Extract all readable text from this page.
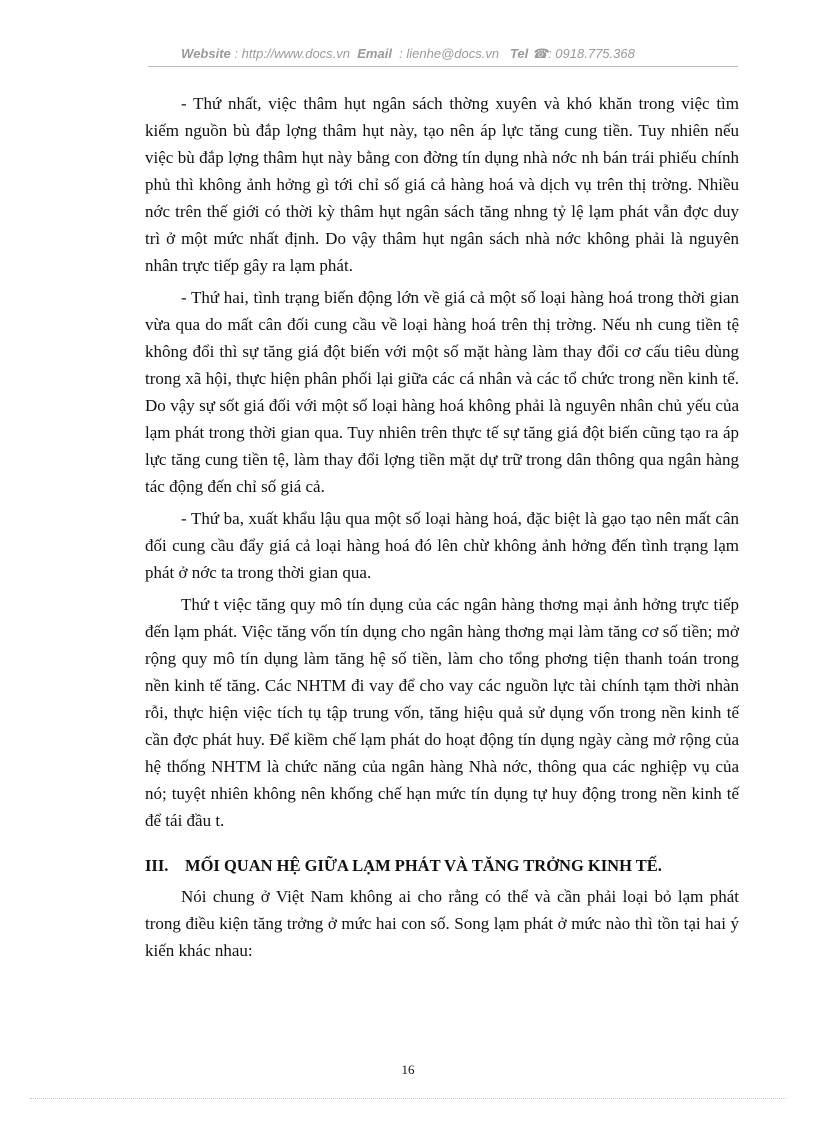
Website : http://www.docs.vn Email : lienhe@docs.vn Tel ☎: 0918.775.368

- Thứ nhất, việc thâm hụt ngân sách thờng xuyên và khó khăn trong việc tìm kiếm nguồn bù đắp lợng thâm hụt này, tạo nên áp lực tăng cung tiền. Tuy nhiên nếu việc bù đắp lợng thâm hụt này bằng con đờng tín dụng nhà nớc nh bán trái phiếu chính phủ thì không ảnh hởng gì tới chỉ số giá cả hàng hoá và dịch vụ trên thị trờng. Nhiều nớc trên thế giới có thời kỳ thâm hụt ngân sách tăng nhng tỷ lệ lạm phát vẫn đợc duy trì ở một mức nhất định. Do vậy thâm hụt ngân sách nhà nớc không phải là nguyên nhân trực tiếp gây ra lạm phát.

- Thứ hai, tình trạng biến động lớn về giá cả một số loại hàng hoá trong thời gian vừa qua do mất cân đối cung cầu về loại hàng hoá trên thị trờng. Nếu nh cung tiền tệ không đổi thì sự tăng giá đột biến với một số mặt hàng làm thay đổi cơ cấu tiêu dùng trong xã hội, thực hiện phân phối lại giữa các cá nhân và các tổ chức trong nền kinh tế. Do vậy sự sốt giá đối với một số loại hàng hoá không phải là nguyên nhân chủ yếu của lạm phát trong thời gian qua. Tuy nhiên trên thực tế sự tăng giá đột biến cũng tạo ra áp lực tăng cung tiền tệ, làm thay đổi lợng tiền mặt dự trữ trong dân thông qua ngân hàng tác động đến chỉ số giá cả.

- Thứ ba, xuất khẩu lậu qua một số loại hàng hoá, đặc biệt là gạo tạo nên mất cân đối cung cầu đẩy giá cả loại hàng hoá đó lên chừ không ảnh hởng đến tình trạng lạm phát ở nớc ta trong thời gian qua.

Thứ t việc tăng quy mô tín dụng của các ngân hàng thơng mại ảnh hởng trực tiếp đến lạm phát. Việc tăng vốn tín dụng cho ngân hàng thơng mại làm tăng cơ số tiền; mở rộng quy mô tín dụng làm tăng hệ số tiền, làm cho tổng phơng tiện thanh toán trong nền kinh tế tăng. Các NHTM đi vay để cho vay các nguồn lực tài chính tạm thời nhàn rỗi, thực hiện việc tích tụ tập trung vốn, tăng hiệu quả sử dụng vốn trong nền kinh tế cần đợc phát huy. Để kiềm chế lạm phát do hoạt động tín dụng ngày càng mở rộng của hệ thống NHTM là chức năng của ngân hàng Nhà nớc, thông qua các nghiệp vụ của nó; tuyệt nhiên không nên khống chế hạn mức tín dụng tự huy động trong nền kinh tế để tái đầu t.

III. MỐI QUAN HỆ GIỮA LẠM PHÁT VÀ TĂNG TRỞNG KINH TẾ.

Nói chung ở Việt Nam không ai cho rằng có thể và cần phải loại bỏ lạm phát trong điều kiện tăng trởng ở mức hai con số. Song lạm phát ở mức nào thì tồn tại hai ý kiến khác nhau:

16
